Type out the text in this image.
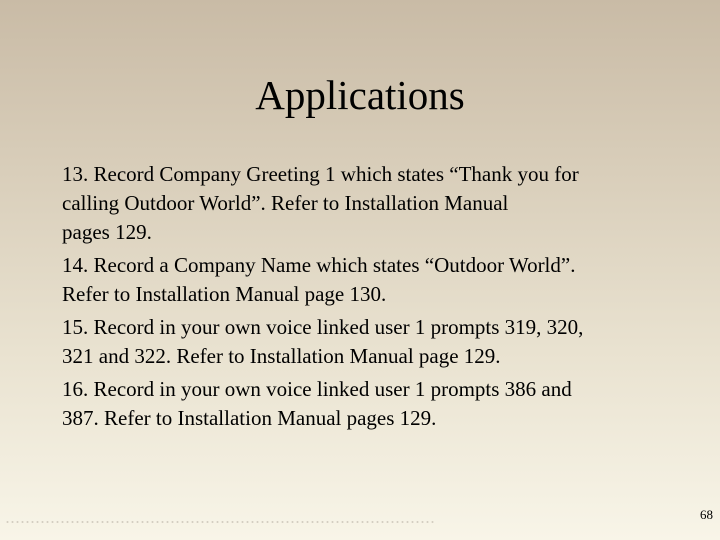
Applications
13. Record Company Greeting 1 which states “Thank you for
calling Outdoor World”. Refer to Installation Manual
pages 129.
14. Record a Company Name which states “Outdoor World”.
Refer to Installation Manual page 130.
15. Record in your own voice linked user 1 prompts 319, 320,
321 and 322. Refer to Installation Manual page 129.
16. Record in your own voice linked user 1 prompts 386 and
387. Refer to Installation Manual pages 129.
68
